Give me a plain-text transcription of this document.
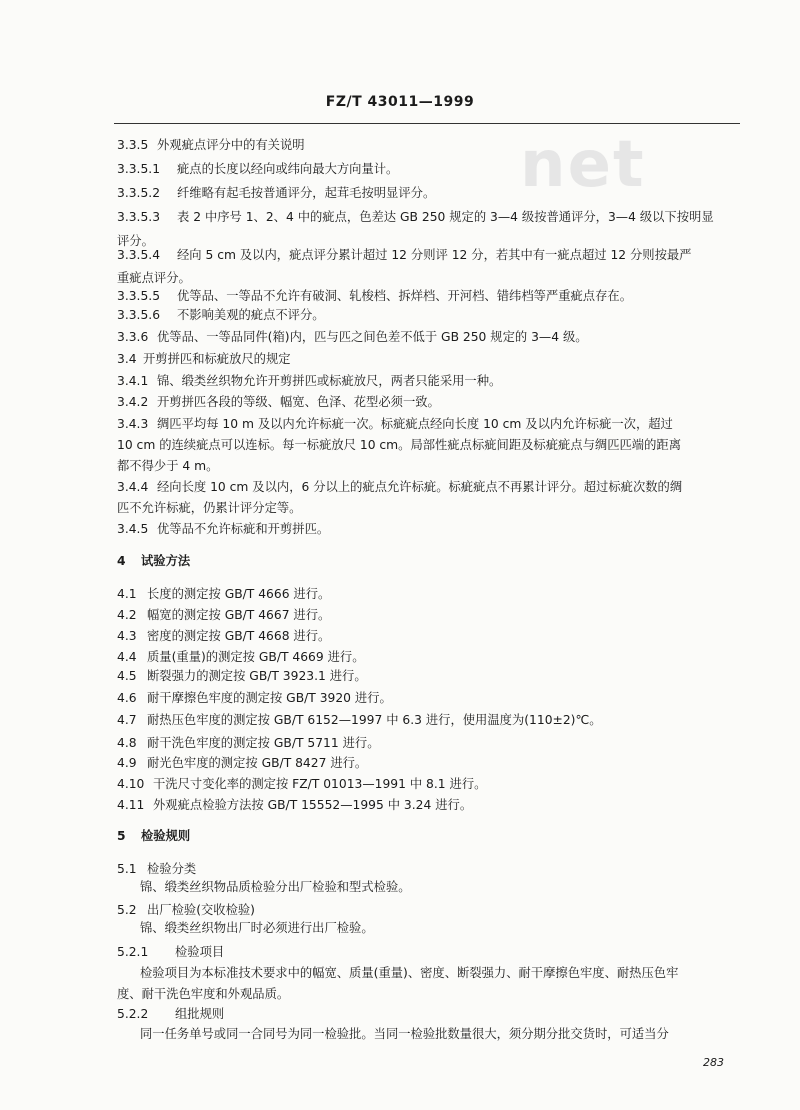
FZ/T 43011—1999
net
3.3.5 外观疵点评分中的有关说明
3.3.5.1 疵点的长度以经向或纬向最大方向量计。
3.3.5.2 纤维略有起毛按普通评分，起茸毛按明显评分。
3.3.5.3 表 2 中序号 1、2、4 中的疵点，色差达 GB 250 规定的 3—4 级按普通评分，3—4 级以下按明显
评分。
3.3.5.4 经向 5 cm 及以内，疵点评分累计超过 12 分则评 12 分，若其中有一疵点超过 12 分则按最严
重疵点评分。
3.3.5.5 优等品、一等品不允许有破洞、轧梭档、拆烊档、开河档、错纬档等严重疵点存在。
3.3.5.6 不影响美观的疵点不评分。
3.3.6 优等品、一等品同件(箱)内，匹与匹之间色差不低于 GB 250 规定的 3—4 级。
3.4 开剪拼匹和标疵放尺的规定
3.4.1 锦、缎类丝织物允许开剪拼匹或标疵放尺，两者只能采用一种。
3.4.2 开剪拼匹各段的等级、幅宽、色泽、花型必须一致。
3.4.3 绸匹平均每 10 m 及以内允许标疵一次。标疵疵点经向长度 10 cm 及以内允许标疵一次，超过
10 cm 的连续疵点可以连标。每一标疵放尺 10 cm。局部性疵点标疵间距及标疵疵点与绸匹匹端的距离
都不得少于 4 m。
3.4.4 经向长度 10 cm 及以内，6 分以上的疵点允许标疵。标疵疵点不再累计评分。超过标疵次数的绸
匹不允许标疵，仍累计评分定等。
3.4.5 优等品不允许标疵和开剪拼匹。
4 试验方法
4.1 长度的测定按 GB/T 4666 进行。
4.2 幅宽的测定按 GB/T 4667 进行。
4.3 密度的测定按 GB/T 4668 进行。
4.4 质量(重量)的测定按 GB/T 4669 进行。
4.5 断裂强力的测定按 GB/T 3923.1 进行。
4.6 耐干摩擦色牢度的测定按 GB/T 3920 进行。
4.7 耐热压色牢度的测定按 GB/T 6152—1997 中 6.3 进行，使用温度为(110±2)℃。
4.8 耐干洗色牢度的测定按 GB/T 5711 进行。
4.9 耐光色牢度的测定按 GB/T 8427 进行。
4.10 干洗尺寸变化率的测定按 FZ/T 01013—1991 中 8.1 进行。
4.11 外观疵点检验方法按 GB/T 15552—1995 中 3.24 进行。
5 检验规则
5.1 检验分类
锦、缎类丝织物品质检验分出厂检验和型式检验。
5.2 出厂检验(交收检验)
锦、缎类丝织物出厂时必须进行出厂检验。
5.2.1 检验项目
检验项目为本标准技术要求中的幅宽、质量(重量)、密度、断裂强力、耐干摩擦色牢度、耐热压色牢
度、耐干洗色牢度和外观品质。
5.2.2 组批规则
同一任务单号或同一合同号为同一检验批。当同一检验批数量很大，须分期分批交货时，可适当分
283
